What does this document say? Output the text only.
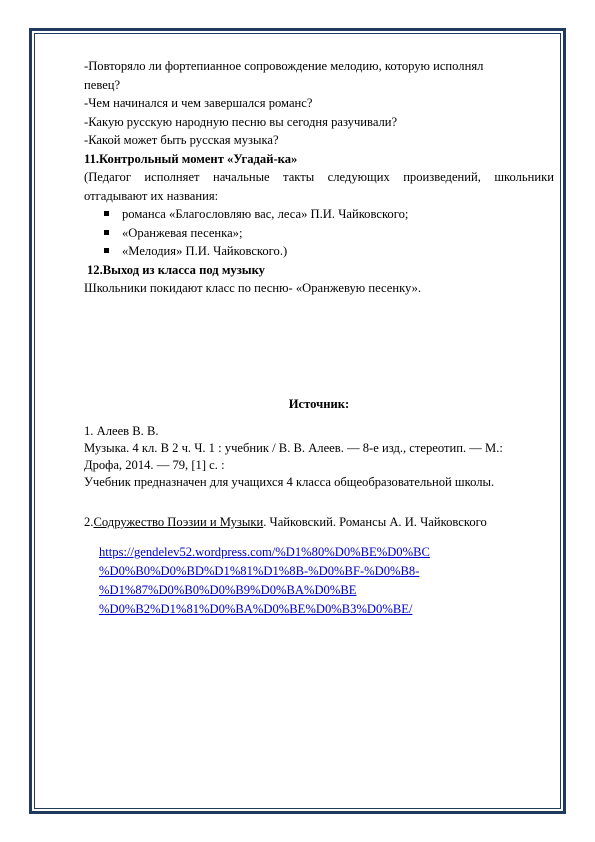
-Повторяло ли фортепианное сопровождение мелодию, которую исполнял

певец?

-Чем начинался и чем завершался романс?

-Какую русскую народную песню вы сегодня разучивали?

-Какой может быть русская музыка?

11.Контрольный момент «Угадай-ка»

(Педагог исполняет начальные такты следующих произведений, школьники

отгадывают их названия:

романса «Благословляю вас, леса» П.И. Чайковского;
«Оранжевая песенка»;
«Мелодия» П.И. Чайковского.)

12.Выход из класса под музыку

Школьники покидают класс по песню- «Оранжевую песенку».

Источник:

1. Алеев В. В.

Музыка. 4 кл. В 2 ч. Ч. 1 : учебник / В. В. Алеев. — 8-е изд., стереотип. — М.:

Дрофа, 2014. — 79, [1] с. :

Учебник предназначен для учащихся 4 класса общеобразовательной школы.

2.Содружество Поэзии и Музыки. Чайковский. Романсы А. И. Чайковского

https://gendelev52.wordpress.com/%D1%80%D0%BE%D0%BC
%D0%B0%D0%BD%D1%81%D1%8B-%D0%BF-%D0%B8-
%D1%87%D0%B0%D0%B9%D0%BA%D0%BE
%D0%B2%D1%81%D0%BA%D0%BE%D0%B3%D0%BE/
